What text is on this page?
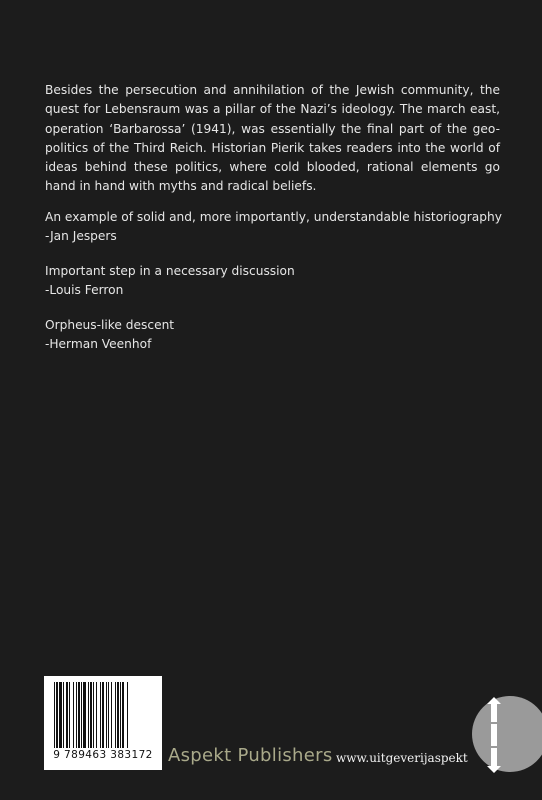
Besides the persecution and annihilation of the Jewish community, the quest for Lebensraum was a pillar of the Nazi’s ideology. The march east, operation ‘Barbarossa’ (1941), was essentially the final part of the geo-politics of the Third Reich. Historian Pierik takes readers into the world of ideas behind these politics, where cold blooded, rational elements go hand in hand with myths and radical beliefs.

An example of solid and, more importantly, understandable historiography
-Jan Jespers
Important step in a necessary discussion
-Louis Ferron
Orpheus-like descent
-Herman Veenhof
9 789463 383172 Aspekt Publishers www.uitgeverijaspekt
